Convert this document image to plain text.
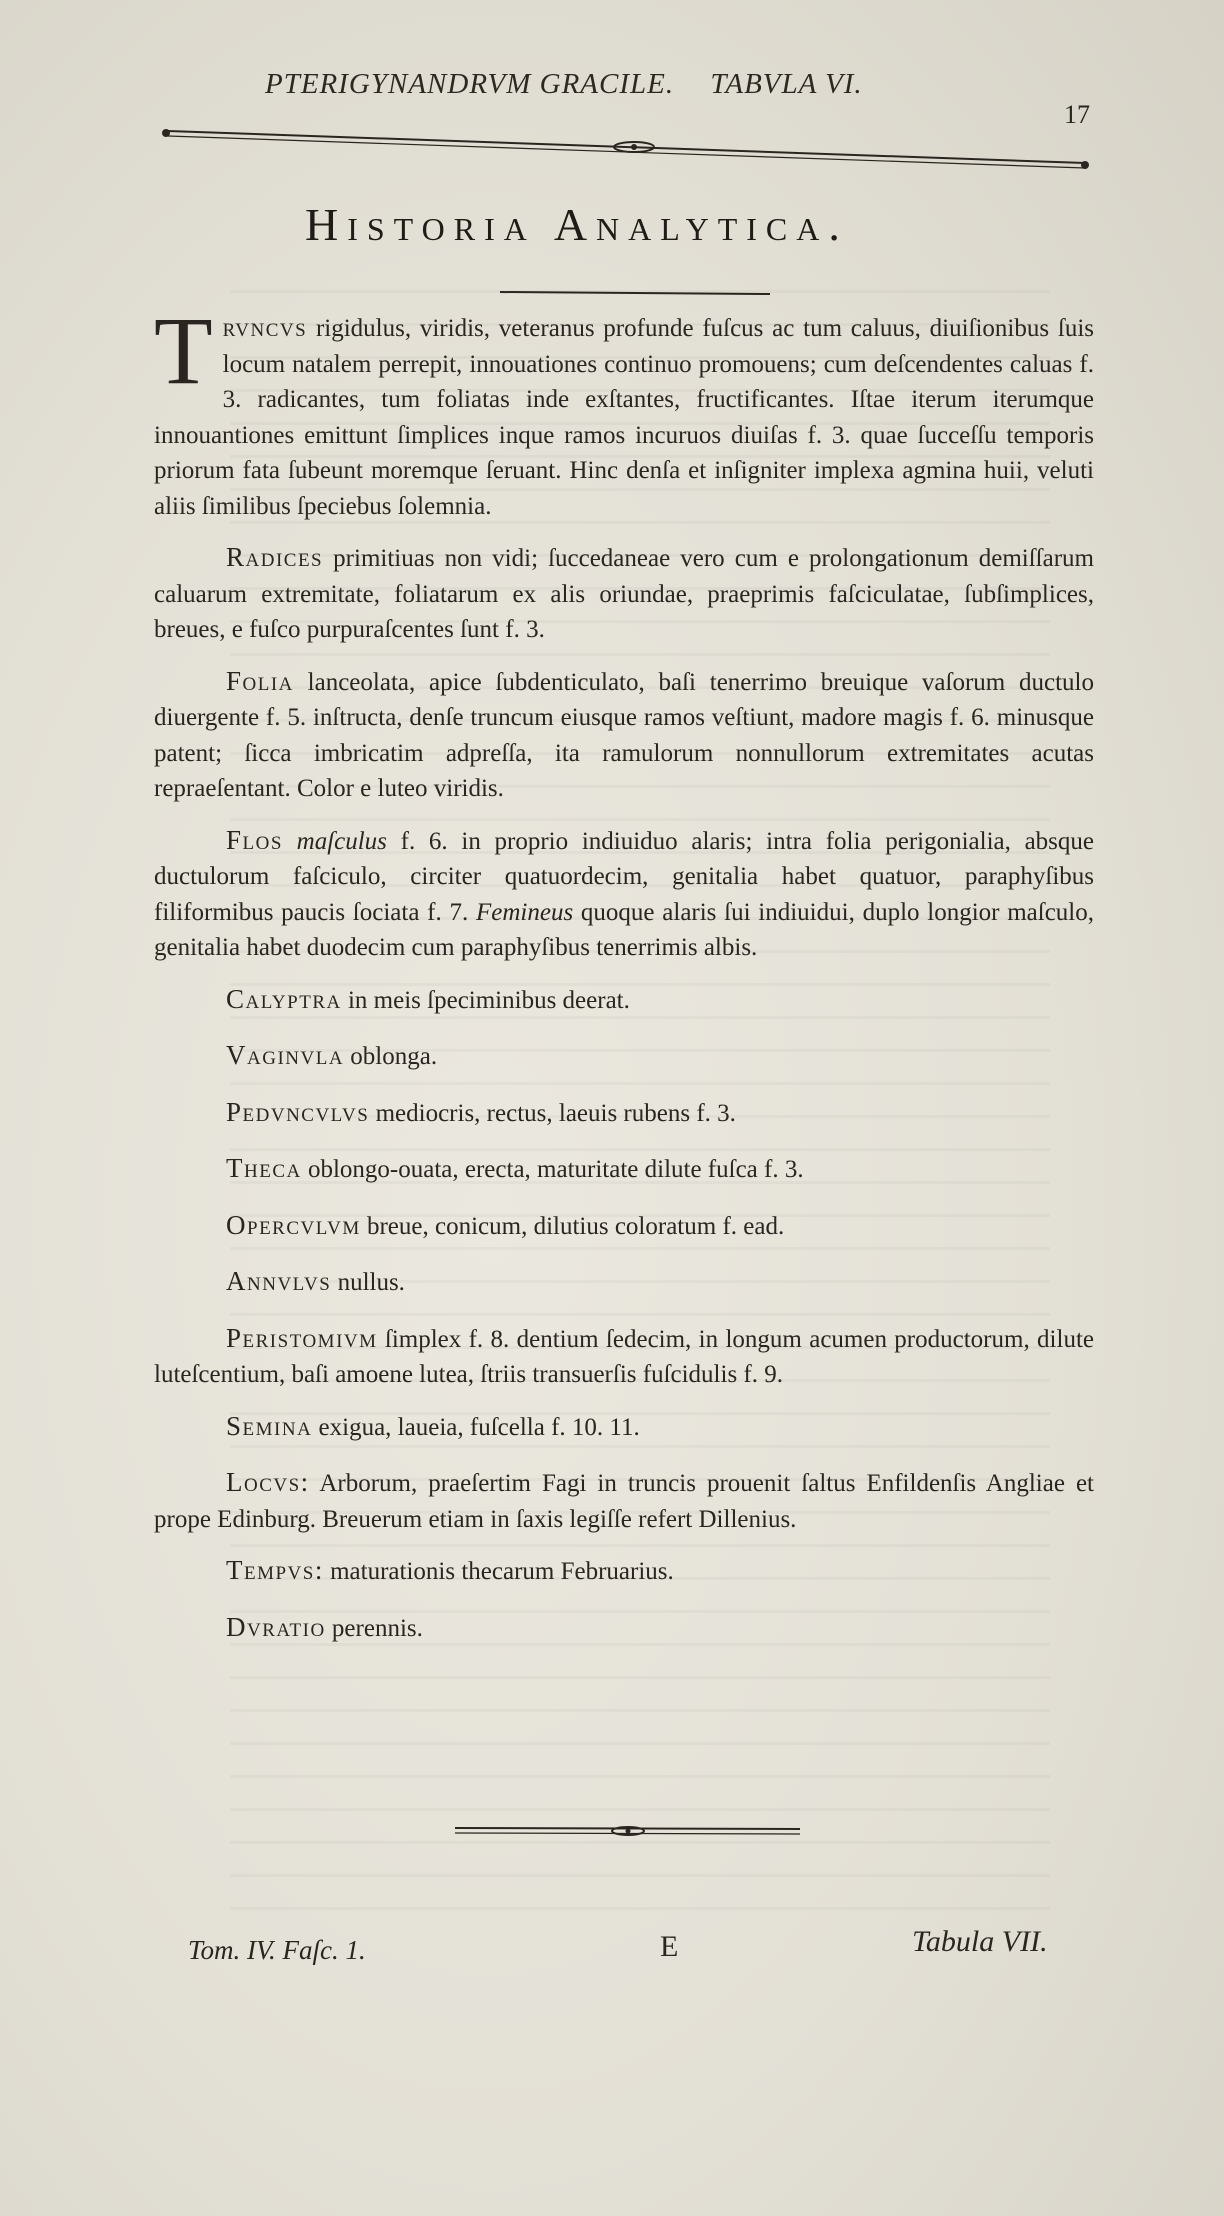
PTERIGYNANDRVM GRACILE. TABVLA VI.
17
Historia Analytica.

Trvncvs rigidulus, viridis, veteranus profunde fuſcus ac tum caluus, diuiſionibus ſuis locum natalem perrepit, innouationes continuo promouens; cum deſcendentes caluas f. 3. radicantes, tum foliatas inde exſtantes, fructificantes. Iſtae iterum iterumque innouantiones emittunt ſimplices inque ramos incuruos diuiſas f. 3. quae ſucceſſu temporis priorum fata ſubeunt moremque ſeruant. Hinc denſa et inſigniter implexa agmina huii, veluti aliis ſimilibus ſpeciebus ſolemnia.

Radices primitiuas non vidi; ſuccedaneae vero cum e prolongationum demiſſarum caluarum extremitate, foliatarum ex alis oriundae, praeprimis faſciculatae, ſubſimplices, breues, e fuſco purpuraſcentes ſunt f. 3.

Folia lanceolata, apice ſubdenticulato, baſi tenerrimo breuique vaſorum ductulo diuergente f. 5. inſtructa, denſe truncum eiusque ramos veſtiunt, madore magis f. 6. minusque patent; ſicca imbricatim adpreſſa, ita ramulorum nonnullorum extremitates acutas repraeſentant. Color e luteo viridis.

Flos maſculus f. 6. in proprio indiuiduo alaris; intra folia perigonialia, absque ductulorum faſciculo, circiter quatuordecim, genitalia habet quatuor, paraphyſibus filiformibus paucis ſociata f. 7. Femineus quoque alaris ſui indiuidui, duplo longior maſculo, genitalia habet duodecim cum paraphyſibus tenerrimis albis.

Calyptra in meis ſpeciminibus deerat.

Vaginvla oblonga.

Pedvncvlvs mediocris, rectus, laeuis rubens f. 3.

Theca oblongo-ouata, erecta, maturitate dilute fuſca f. 3.

Opercvlvm breue, conicum, dilutius coloratum f. ead.

Annvlvs nullus.

Peristomivm ſimplex f. 8. dentium ſedecim, in longum acumen productorum, dilute luteſcentium, baſi amoene lutea, ſtriis transuerſis fuſcidulis f. 9.

Semina exigua, laueia, fuſcella f. 10. 11.

Locvs: Arborum, praeſertim Fagi in truncis prouenit ſaltus Enfildenſis Angliae et prope Edinburg. Breuerum etiam in ſaxis legiſſe refert Dillenius.

Tempvs: maturationis thecarum Februarius.

Dvratio perennis.

Tom. IV. Faſc. 1.	E	Tabula VII.
